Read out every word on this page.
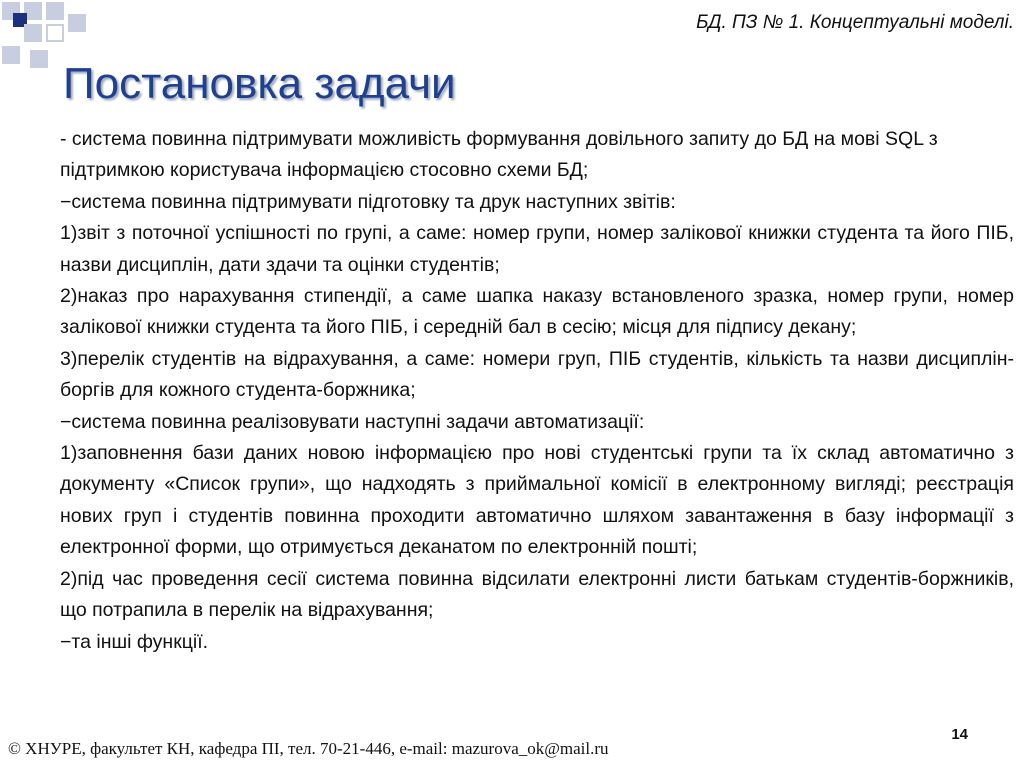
БД. ПЗ № 1. Концептуальні моделі.
Постановка задачи

- система повинна підтримувати можливість формування довільного запиту до БД на мові SQL з підтримкою користувача інформацією стосовно схеми БД;

−система повинна підтримувати підготовку та друк наступних звітів:

1)звіт з поточної успішності по групі, а саме: номер групи, номер залікової книжки студента та його ПІБ, назви дисциплін, дати здачи та оцінки студентів;

2)наказ про нарахування стипендії, а саме шапка наказу встановленого зразка, номер групи, номер залікової книжки студента та його ПІБ, і середній бал в сесію; місця для підпису декану;

3)перелік студентів на відрахування, а саме: номери груп, ПІБ студентів, кількість та назви дисциплін-боргів для кожного студента-боржника;

−система повинна реалізовувати наступні задачи автоматизації:

1)заповнення бази даних новою інформацією про нові студентські групи та їх склад автоматично з документу «Список групи», що надходять з приймальної комісії в електронному вигляді; реєстрація нових груп і студентів повинна проходити автоматично шляхом завантаження в базу інформації з електронної форми, що отримується деканатом по електронній пошті;

2)під час проведення сесії система повинна відсилати електронні листи батькам студентів-боржників, що потрапила в перелік на відрахування;

−та інші функції.

© ХНУРЕ, факультет КН, кафедра ПІ, тел. 70-21-446, e-mail: mazurova_ok@mail.ru
14
